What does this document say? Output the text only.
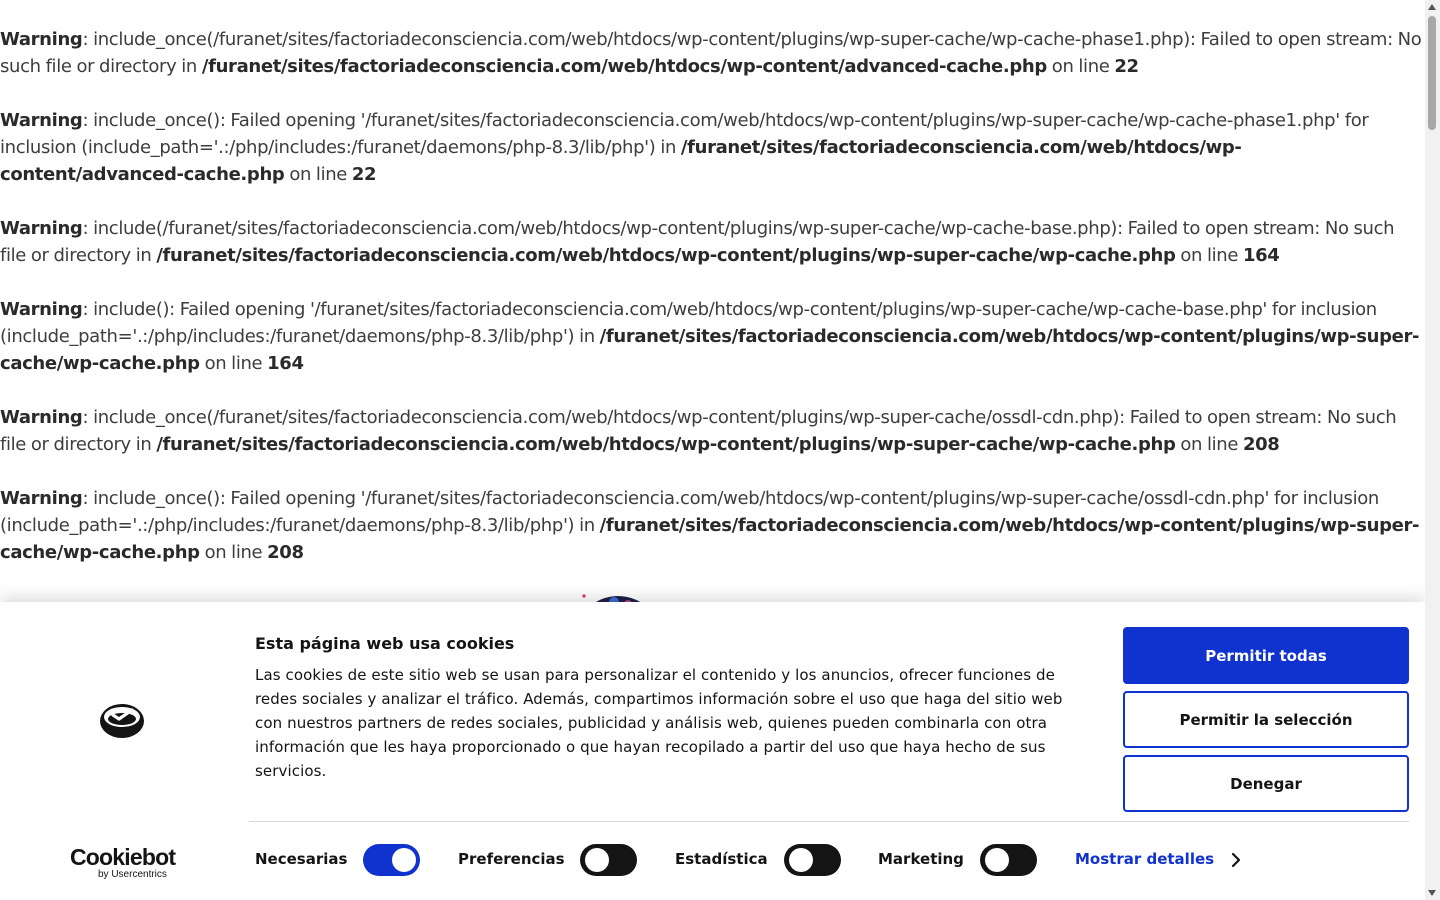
Warning: include_once(/furanet/sites/factoriadeconsciencia.com/web/htdocs/wp-content/plugins/wp-super-cache/wp-cache-phase1.php): Failed to open stream: No such file or directory in /furanet/sites/factoriadeconsciencia.com/web/htdocs/wp-content/advanced-cache.php on line 22
Warning: include_once(): Failed opening '/furanet/sites/factoriadeconsciencia.com/web/htdocs/wp-content/plugins/wp-super-cache/wp-cache-phase1.php' for inclusion (include_path='.:/php/includes:/furanet/daemons/php-8.3/lib/php') in /furanet/sites/factoriadeconsciencia.com/web/htdocs/wp-content/advanced-cache.php on line 22
Warning: include(/furanet/sites/factoriadeconsciencia.com/web/htdocs/wp-content/plugins/wp-super-cache/wp-cache-base.php): Failed to open stream: No such file or directory in /furanet/sites/factoriadeconsciencia.com/web/htdocs/wp-content/plugins/wp-super-cache/wp-cache.php on line 164
Warning: include(): Failed opening '/furanet/sites/factoriadeconsciencia.com/web/htdocs/wp-content/plugins/wp-super-cache/wp-cache-base.php' for inclusion (include_path='.:/php/includes:/furanet/daemons/php-8.3/lib/php') in /furanet/sites/factoriadeconsciencia.com/web/htdocs/wp-content/plugins/wp-super-cache/wp-cache.php on line 164
Warning: include_once(/furanet/sites/factoriadeconsciencia.com/web/htdocs/wp-content/plugins/wp-super-cache/ossdl-cdn.php): Failed to open stream: No such file or directory in /furanet/sites/factoriadeconsciencia.com/web/htdocs/wp-content/plugins/wp-super-cache/wp-cache.php on line 208
Warning: include_once(): Failed opening '/furanet/sites/factoriadeconsciencia.com/web/htdocs/wp-content/plugins/wp-super-cache/ossdl-cdn.php' for inclusion (include_path='.:/php/includes:/furanet/daemons/php-8.3/lib/php') in /furanet/sites/factoriadeconsciencia.com/web/htdocs/wp-content/plugins/wp-super-cache/wp-cache.php on line 208
Esta página web usa cookies
Las cookies de este sitio web se usan para personalizar el contenido y los anuncios, ofrecer funciones de redes sociales y analizar el tráfico. Además, compartimos información sobre el uso que haga del sitio web con nuestros partners de redes sociales, publicidad y análisis web, quienes pueden combinarla con otra información que les haya proporcionado o que hayan recopilado a partir del uso que haya hecho de sus servicios.
Permitir todas
Permitir la selección
Denegar
Cookiebot
by Usercentrics
Necesarias	Preferencias	Estadística	Marketing	Mostrar detalles
